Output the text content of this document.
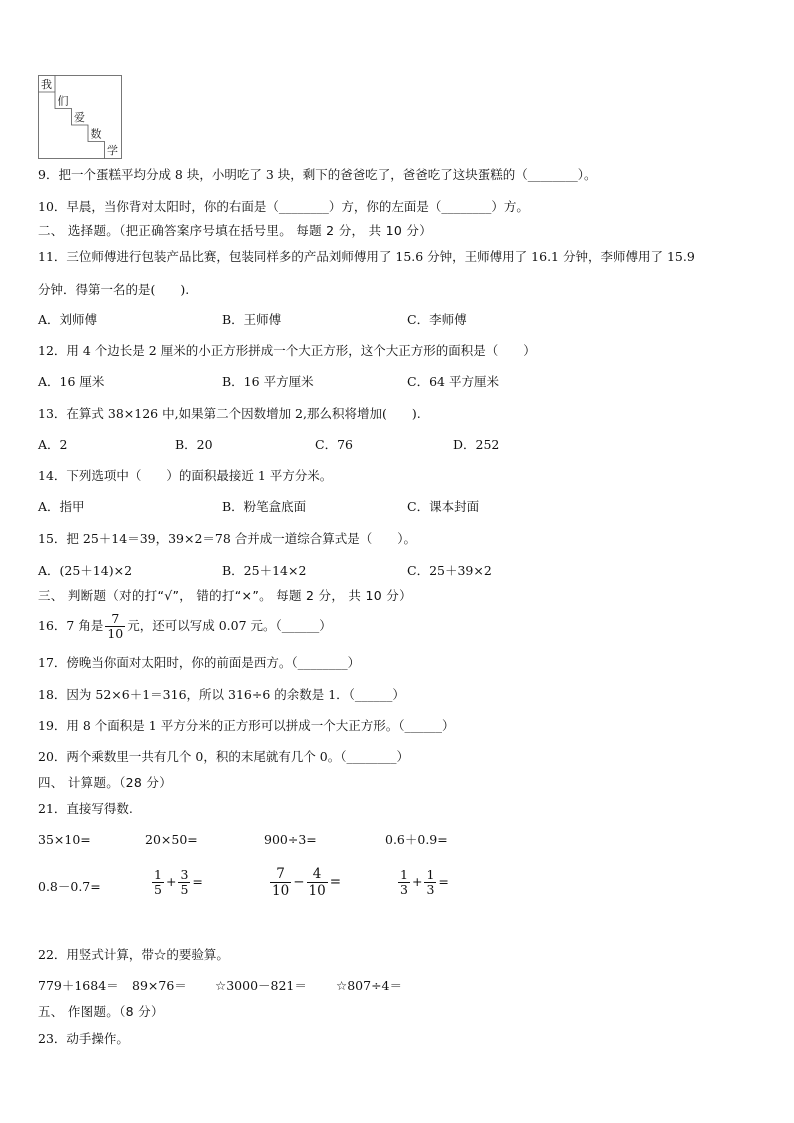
我
们
爱
数
学
9．把一个蛋糕平均分成 8 块，小明吃了 3 块，剩下的爸爸吃了，爸爸吃了这块蛋糕的（________）。
10．早晨，当你背对太阳时，你的右面是（________）方，你的左面是（________）方。
二、 选择题。（把正确答案序号填在括号里。 每题 2 分， 共 10 分）
11．三位师傅进行包装产品比赛，包装同样多的产品刘师傅用了 15.6 分钟，王师傅用了 16.1 分钟，李师傅用了 15.9
分钟．得第一名的是(　　).
A．刘师傅	B．王师傅	C．李师傅
12．用 4 个边长是 2 厘米的小正方形拼成一个大正方形，这个大正方形的面积是（　　）
A．16 厘米	B．16 平方厘米	C．64 平方厘米
13．在算式 38×126 中,如果第二个因数增加 2,那么积将增加(　　).
A．2	B．20	C．76	D．252
14．下列选项中（　　）的面积最接近 1 平方分米。
A．指甲	B．粉笔盒底面	C．课本封面
15．把 25＋14＝39，39×2＝78 合并成一道综合算式是（　　）。
A．(25＋14)×2	B．25＋14×2	C．25＋39×2
三、 判断题（对的打“√”， 错的打“×”。 每题 2 分， 共 10 分）
16．7 角是 $\frac{7}{10}$ 元，还可以写成 0.07 元。（______）
17．傍晚当你面对太阳时，你的前面是西方。（________）
18．因为 52×6＋1＝316，所以 316÷6 的余数是 1．（______）
19．用 8 个面积是 1 平方分米的正方形可以拼成一个大正方形。（______）
20．两个乘数里一共有几个 0，积的末尾就有几个 0。（________）
四、 计算题。（28 分）
21．直接写得数.
35×10=	20×50=	900÷3=	0.6＋0.9=
0.8－0.7=	$\frac{1}{5} + \frac{3}{5}$ =	$\frac{7}{10} - \frac{4}{10}$ =	$\frac{1}{3} + \frac{1}{3}$ =
22．用竖式计算，带☆的要验算。
779＋1684＝ 89×76＝ ☆3000－821＝ ☆807÷4＝
五、 作图题。（8 分）
23．动手操作。
